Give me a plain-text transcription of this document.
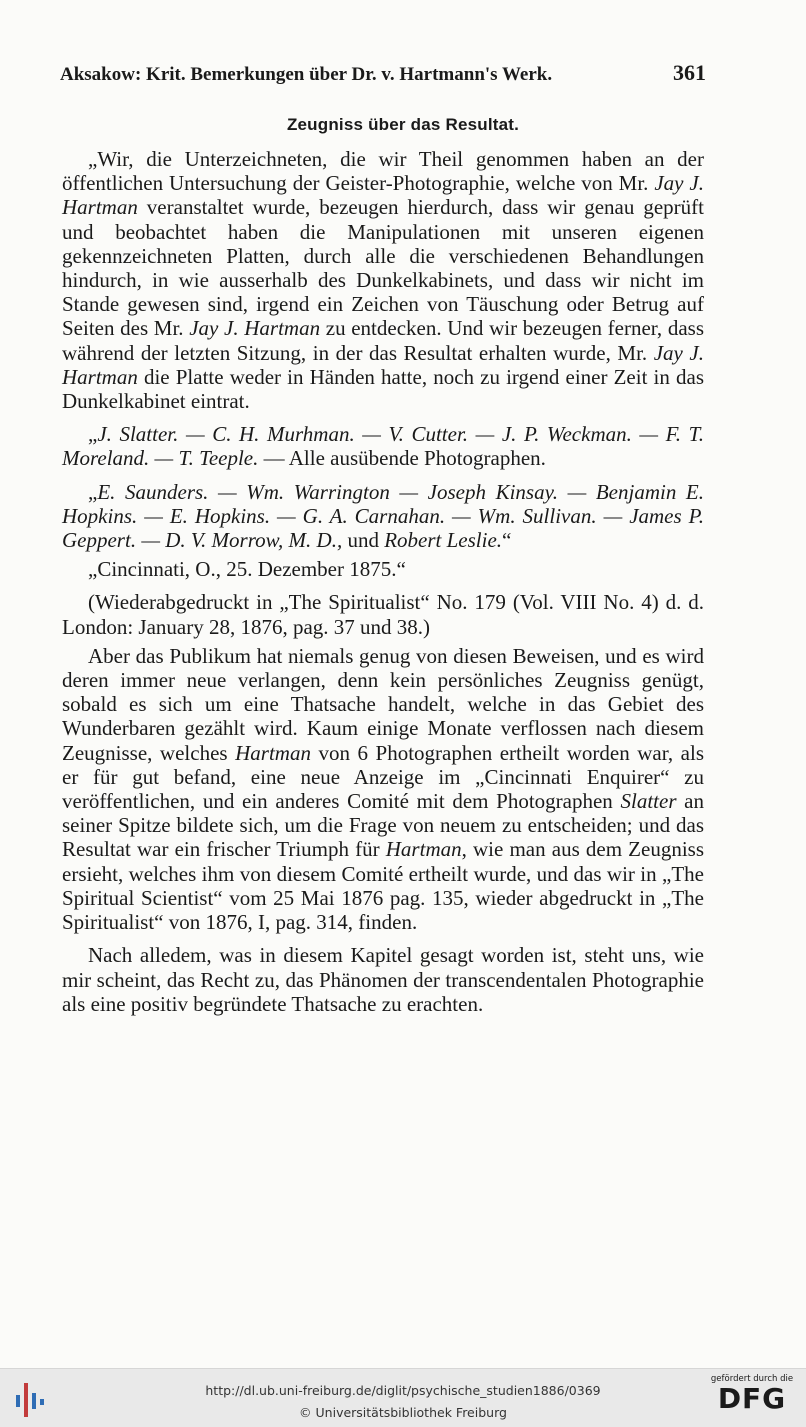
Aksakow: Krit. Bemerkungen über Dr. v. Hartmann's Werk.	361
Zeugniss über das Resultat.

„Wir, die Unterzeichneten, die wir Theil genommen haben an der öffentlichen Untersuchung der Geister-Photographie, welche von Mr. Jay J. Hartman veranstaltet wurde, bezeugen hierdurch, dass wir genau geprüft und beobachtet haben die Manipulationen mit unseren eigenen gekennzeichneten Platten, durch alle die verschiedenen Behandlungen hindurch, in wie ausserhalb des Dunkelkabinets, und dass wir nicht im Stande gewesen sind, irgend ein Zeichen von Täuschung oder Betrug auf Seiten des Mr. Jay J. Hartman zu entdecken. Und wir bezeugen ferner, dass während der letzten Sitzung, in der das Resultat erhalten wurde, Mr. Jay J. Hartman die Platte weder in Händen hatte, noch zu irgend einer Zeit in das Dunkelkabinet eintrat.

„J. Slatter. — C. H. Murhman. — V. Cutter. — J. P. Weckman. — F. T. Moreland. — T. Teeple. — Alle ausübende Photographen.

„E. Saunders. — Wm. Warrington — Joseph Kinsay. — Benjamin E. Hopkins. — E. Hopkins. — G. A. Carnahan. — Wm. Sullivan. — James P. Geppert. — D. V. Morrow, M. D., und Robert Leslie.“

„Cincinnati, O., 25. Dezember 1875.“

(Wiederabgedruckt in „The Spiritualist“ No. 179 (Vol. VIII No. 4) d. d. London: January 28, 1876, pag. 37 und 38.)

Aber das Publikum hat niemals genug von diesen Beweisen, und es wird deren immer neue verlangen, denn kein persönliches Zeugniss genügt, sobald es sich um eine Thatsache handelt, welche in das Gebiet des Wunderbaren gezählt wird. Kaum einige Monate verflossen nach diesem Zeugnisse, welches Hartman von 6 Photographen ertheilt worden war, als er für gut befand, eine neue Anzeige im „Cincinnati Enquirer“ zu veröffentlichen, und ein anderes Comité mit dem Photographen Slatter an seiner Spitze bildete sich, um die Frage von neuem zu entscheiden; und das Resultat war ein frischer Triumph für Hartman, wie man aus dem Zeugniss ersieht, welches ihm von diesem Comité ertheilt wurde, und das wir in „The Spiritual Scientist“ vom 25 Mai 1876 pag. 135, wieder abgedruckt in „The Spiritualist“ von 1876, I, pag. 314, finden.

Nach alledem, was in diesem Kapitel gesagt worden ist, steht uns, wie mir scheint, das Recht zu, das Phänomen der transcendentalen Photographie als eine positiv begründete Thatsache zu erachten.

http://dl.ub.uni-freiburg.de/diglit/psychische_studien1886/0369
© Universitätsbibliothek Freiburg
gefördert durch die
DFG
